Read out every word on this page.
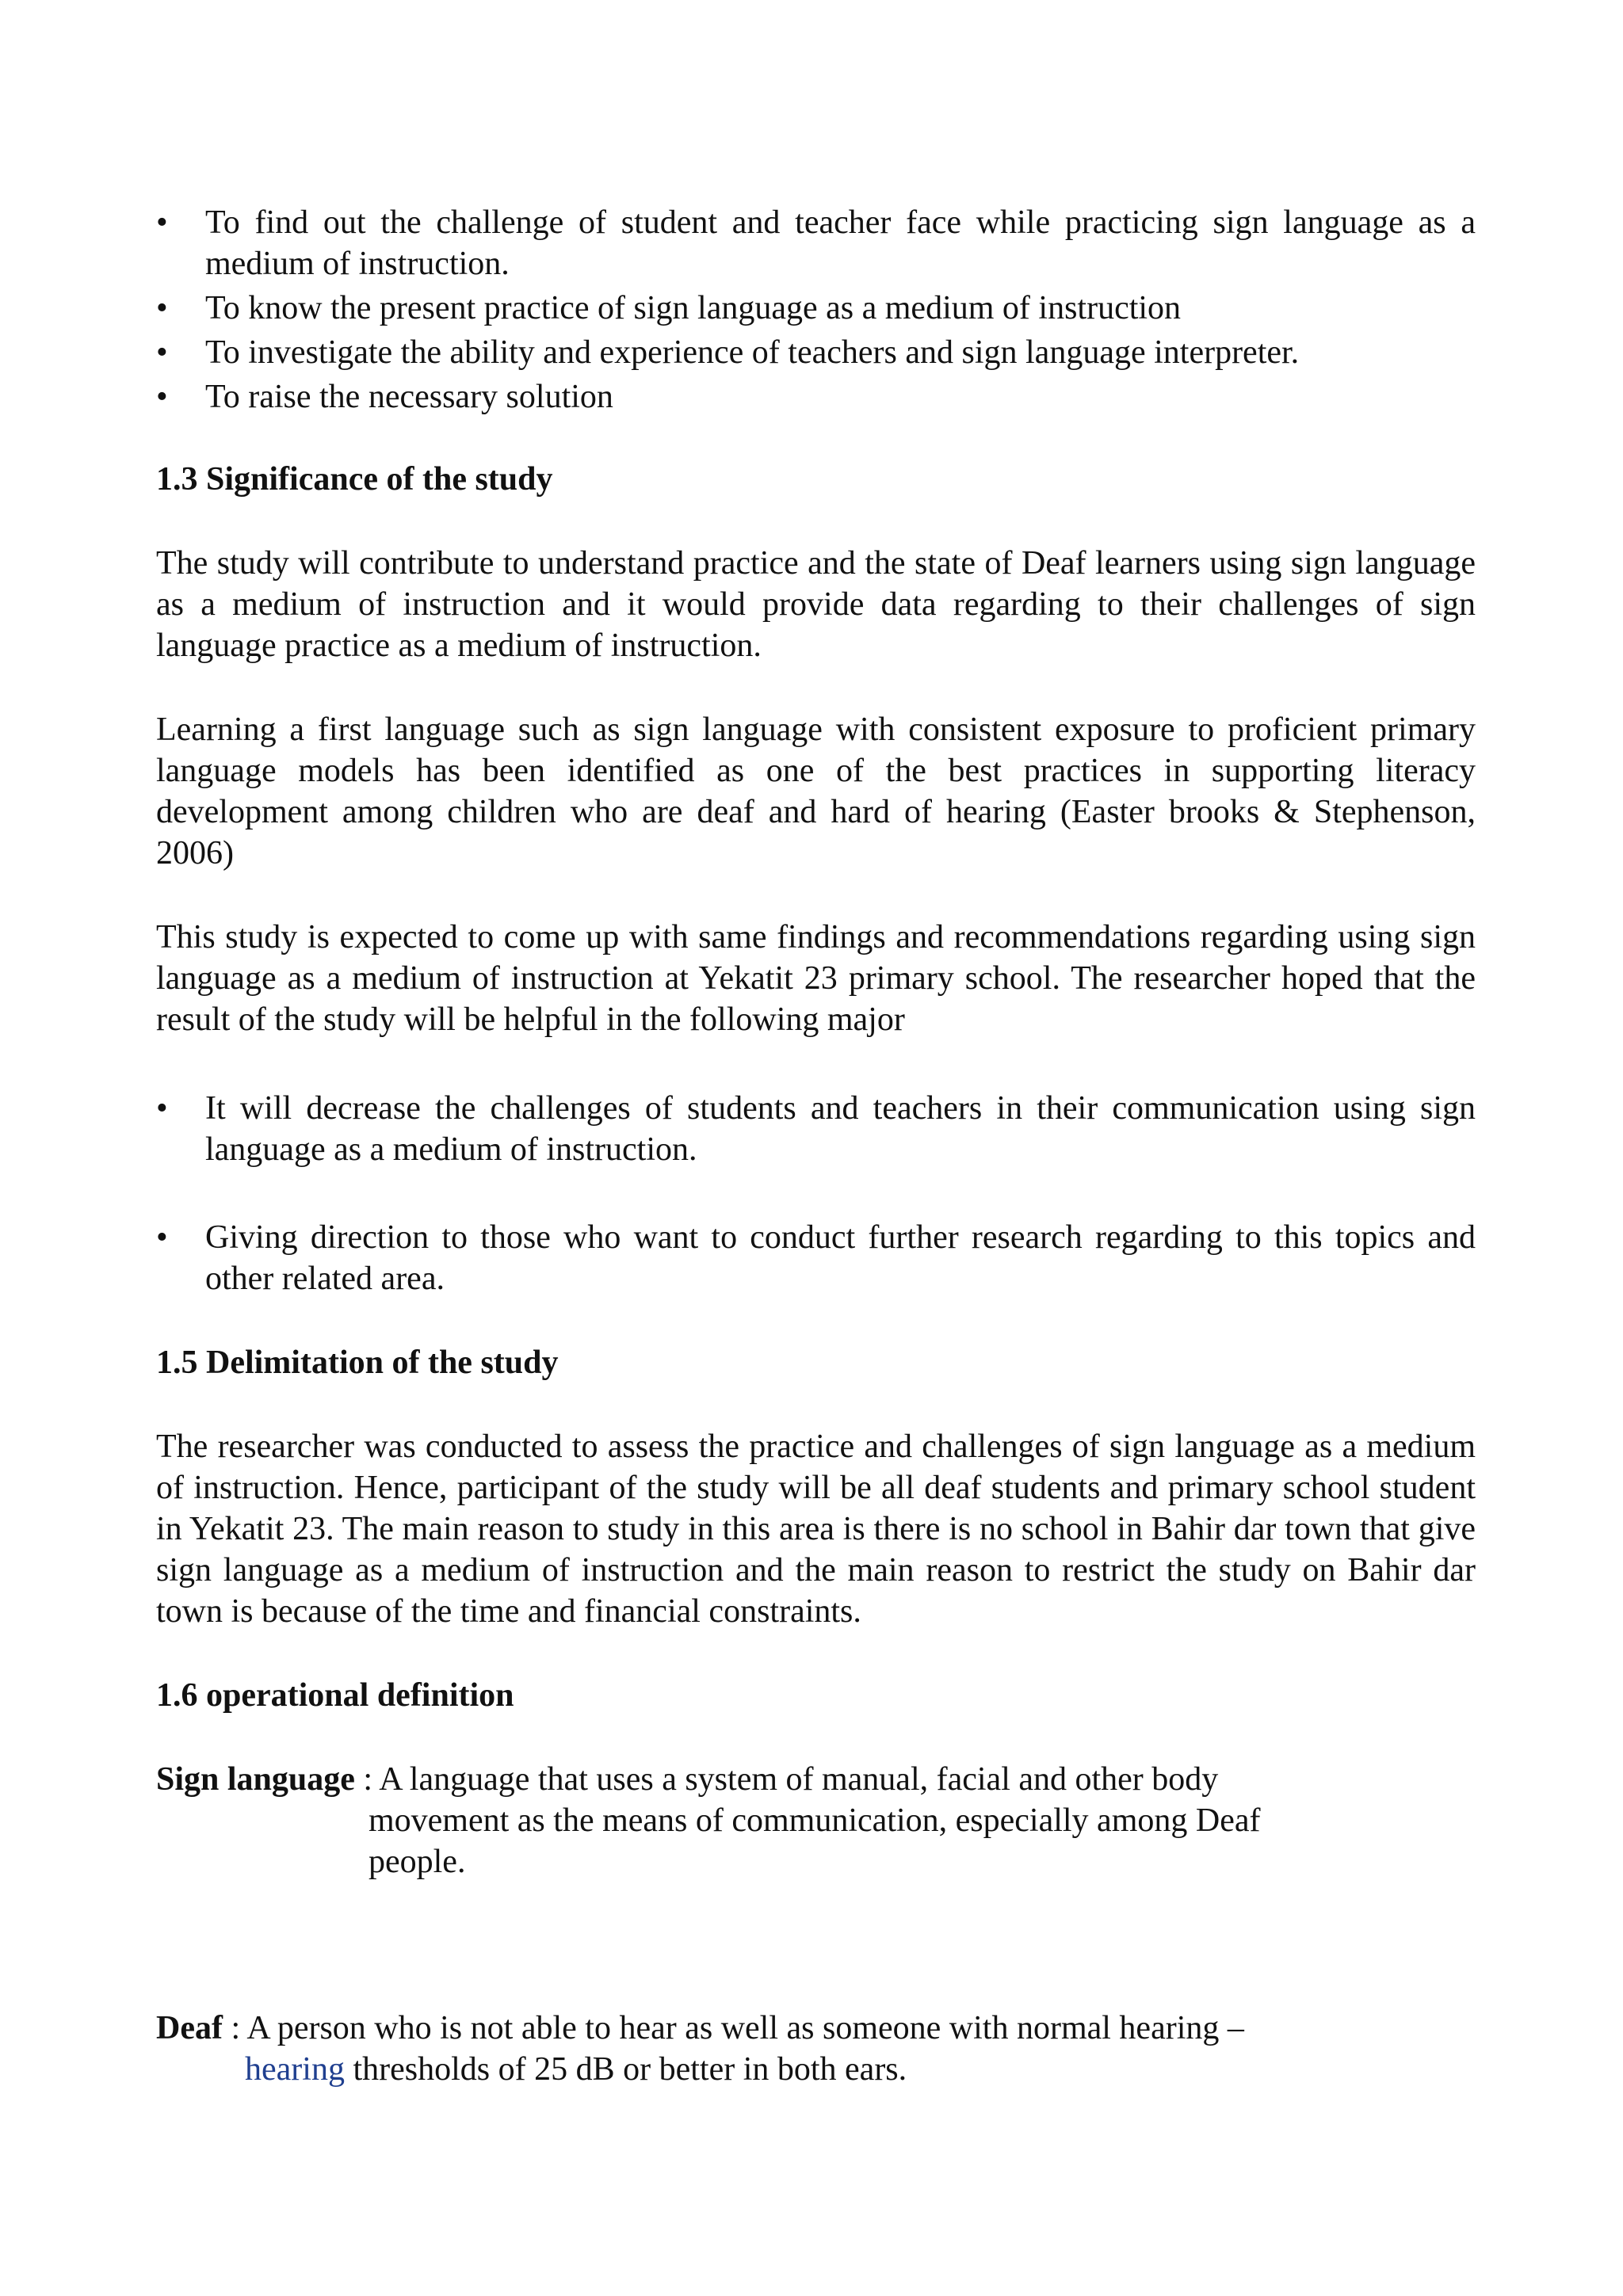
• To find out the challenge of student and teacher face while practicing sign language as a medium of instruction.
• To know the present practice of sign language as a medium of instruction
• To investigate the ability and experience of teachers and sign language interpreter.
• To raise the necessary solution

1.3 Significance of the study

The study will contribute to understand practice and the state of Deaf learners using sign language as a medium of instruction and it would provide data regarding to their challenges of sign language practice as a medium of instruction.

Learning a first language such as sign language with consistent exposure to proficient primary language models has been identified as one of the best practices in supporting literacy development among children who are deaf and hard of hearing (Easter brooks & Stephenson, 2006)

This study is expected to come up with same findings and recommendations regarding using sign language as a medium of instruction at Yekatit 23 primary school. The researcher hoped that the result of the study will be helpful in the following major

• It will decrease the challenges of students and teachers in their communication using sign language as a medium of instruction.
• Giving direction to those who want to conduct further research regarding to this topics and other related area.

1.5 Delimitation of the study

The researcher was conducted to assess the practice and challenges of sign language as a medium of instruction. Hence, participant of the study will be all deaf students and primary school student in Yekatit 23. The main reason to study in this area is there is no school in Bahir dar town that give sign language as a medium of instruction and the main reason to restrict the study on Bahir dar town is because of the time and financial constraints.

1.6 operational definition

Sign language : A language that uses a system of manual, facial and other body
movement as the means of communication, especially among Deaf
people.
Deaf : A person who is not able to hear as well as someone with normal hearing –
hearing thresholds of 25 dB or better in both ears.
